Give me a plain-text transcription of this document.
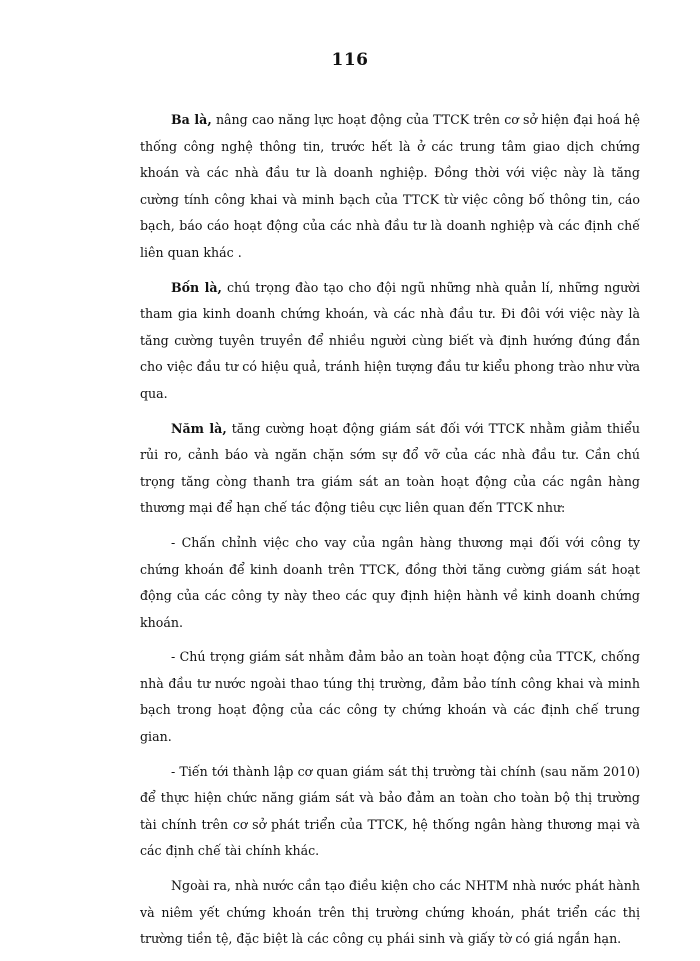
116

Ba là, nâng cao năng lực hoạt động của TTCK trên cơ sở hiện đại hoá hệ thống công nghệ thông tin, trước hết là ở các trung tâm giao dịch chứng khoán và các nhà đầu tư là doanh nghiệp. Đồng thời với việc này là tăng cường tính công khai và minh bạch của TTCK từ việc công bố thông tin, cáo bạch, báo cáo hoạt động của các nhà đầu tư là doanh nghiệp và các định chế liên quan khác .

Bốn là, chú trọng đào tạo cho đội ngũ những nhà quản lí, những người tham gia kinh doanh chứng khoán, và các nhà đầu tư. Đi đôi với việc này là tăng cường tuyên truyền để nhiều người cùng biết và định hướng đúng đắn cho việc đầu tư có hiệu quả, tránh hiện tượng đầu tư kiểu phong trào như vừa qua.

Năm là, tăng cường hoạt động giám sát đối với TTCK nhằm giảm thiểu rủi ro, cảnh báo và ngăn chặn sớm sự đổ vỡ của các nhà đầu tư. Cần chú trọng tăng còng thanh tra giám sát an toàn hoạt động của các ngân hàng thương mại để hạn chế tác động tiêu cực liên quan đến TTCK như:

- Chấn chỉnh việc cho vay của ngân hàng thương mại đối với công ty chứng khoán để kinh doanh trên TTCK, đồng thời tăng cường giám sát hoạt động của các công ty này theo các quy định hiện hành về kinh doanh chứng khoán.

- Chú trọng giám sát nhằm đảm bảo an toàn hoạt động của TTCK, chống nhà đầu tư nước ngoài thao túng thị trường, đảm bảo tính công khai và minh bạch trong hoạt động của các công ty chứng khoán và các định chế trung gian.

- Tiến tới thành lập cơ quan giám sát thị trường tài chính (sau năm 2010) để thực hiện chức năng giám sát và bảo đảm an toàn cho toàn bộ thị trường tài chính trên cơ sở phát triển của TTCK, hệ thống ngân hàng thương mại và các định chế tài chính khác.

Ngoài ra, nhà nước cần tạo điều kiện cho các NHTM nhà nước phát hành và niêm yết chứng khoán trên thị trường chứng khoán, phát triển các thị trường tiền tệ, đặc biệt là các công cụ phái sinh và giấy tờ có giá ngắn hạn.
